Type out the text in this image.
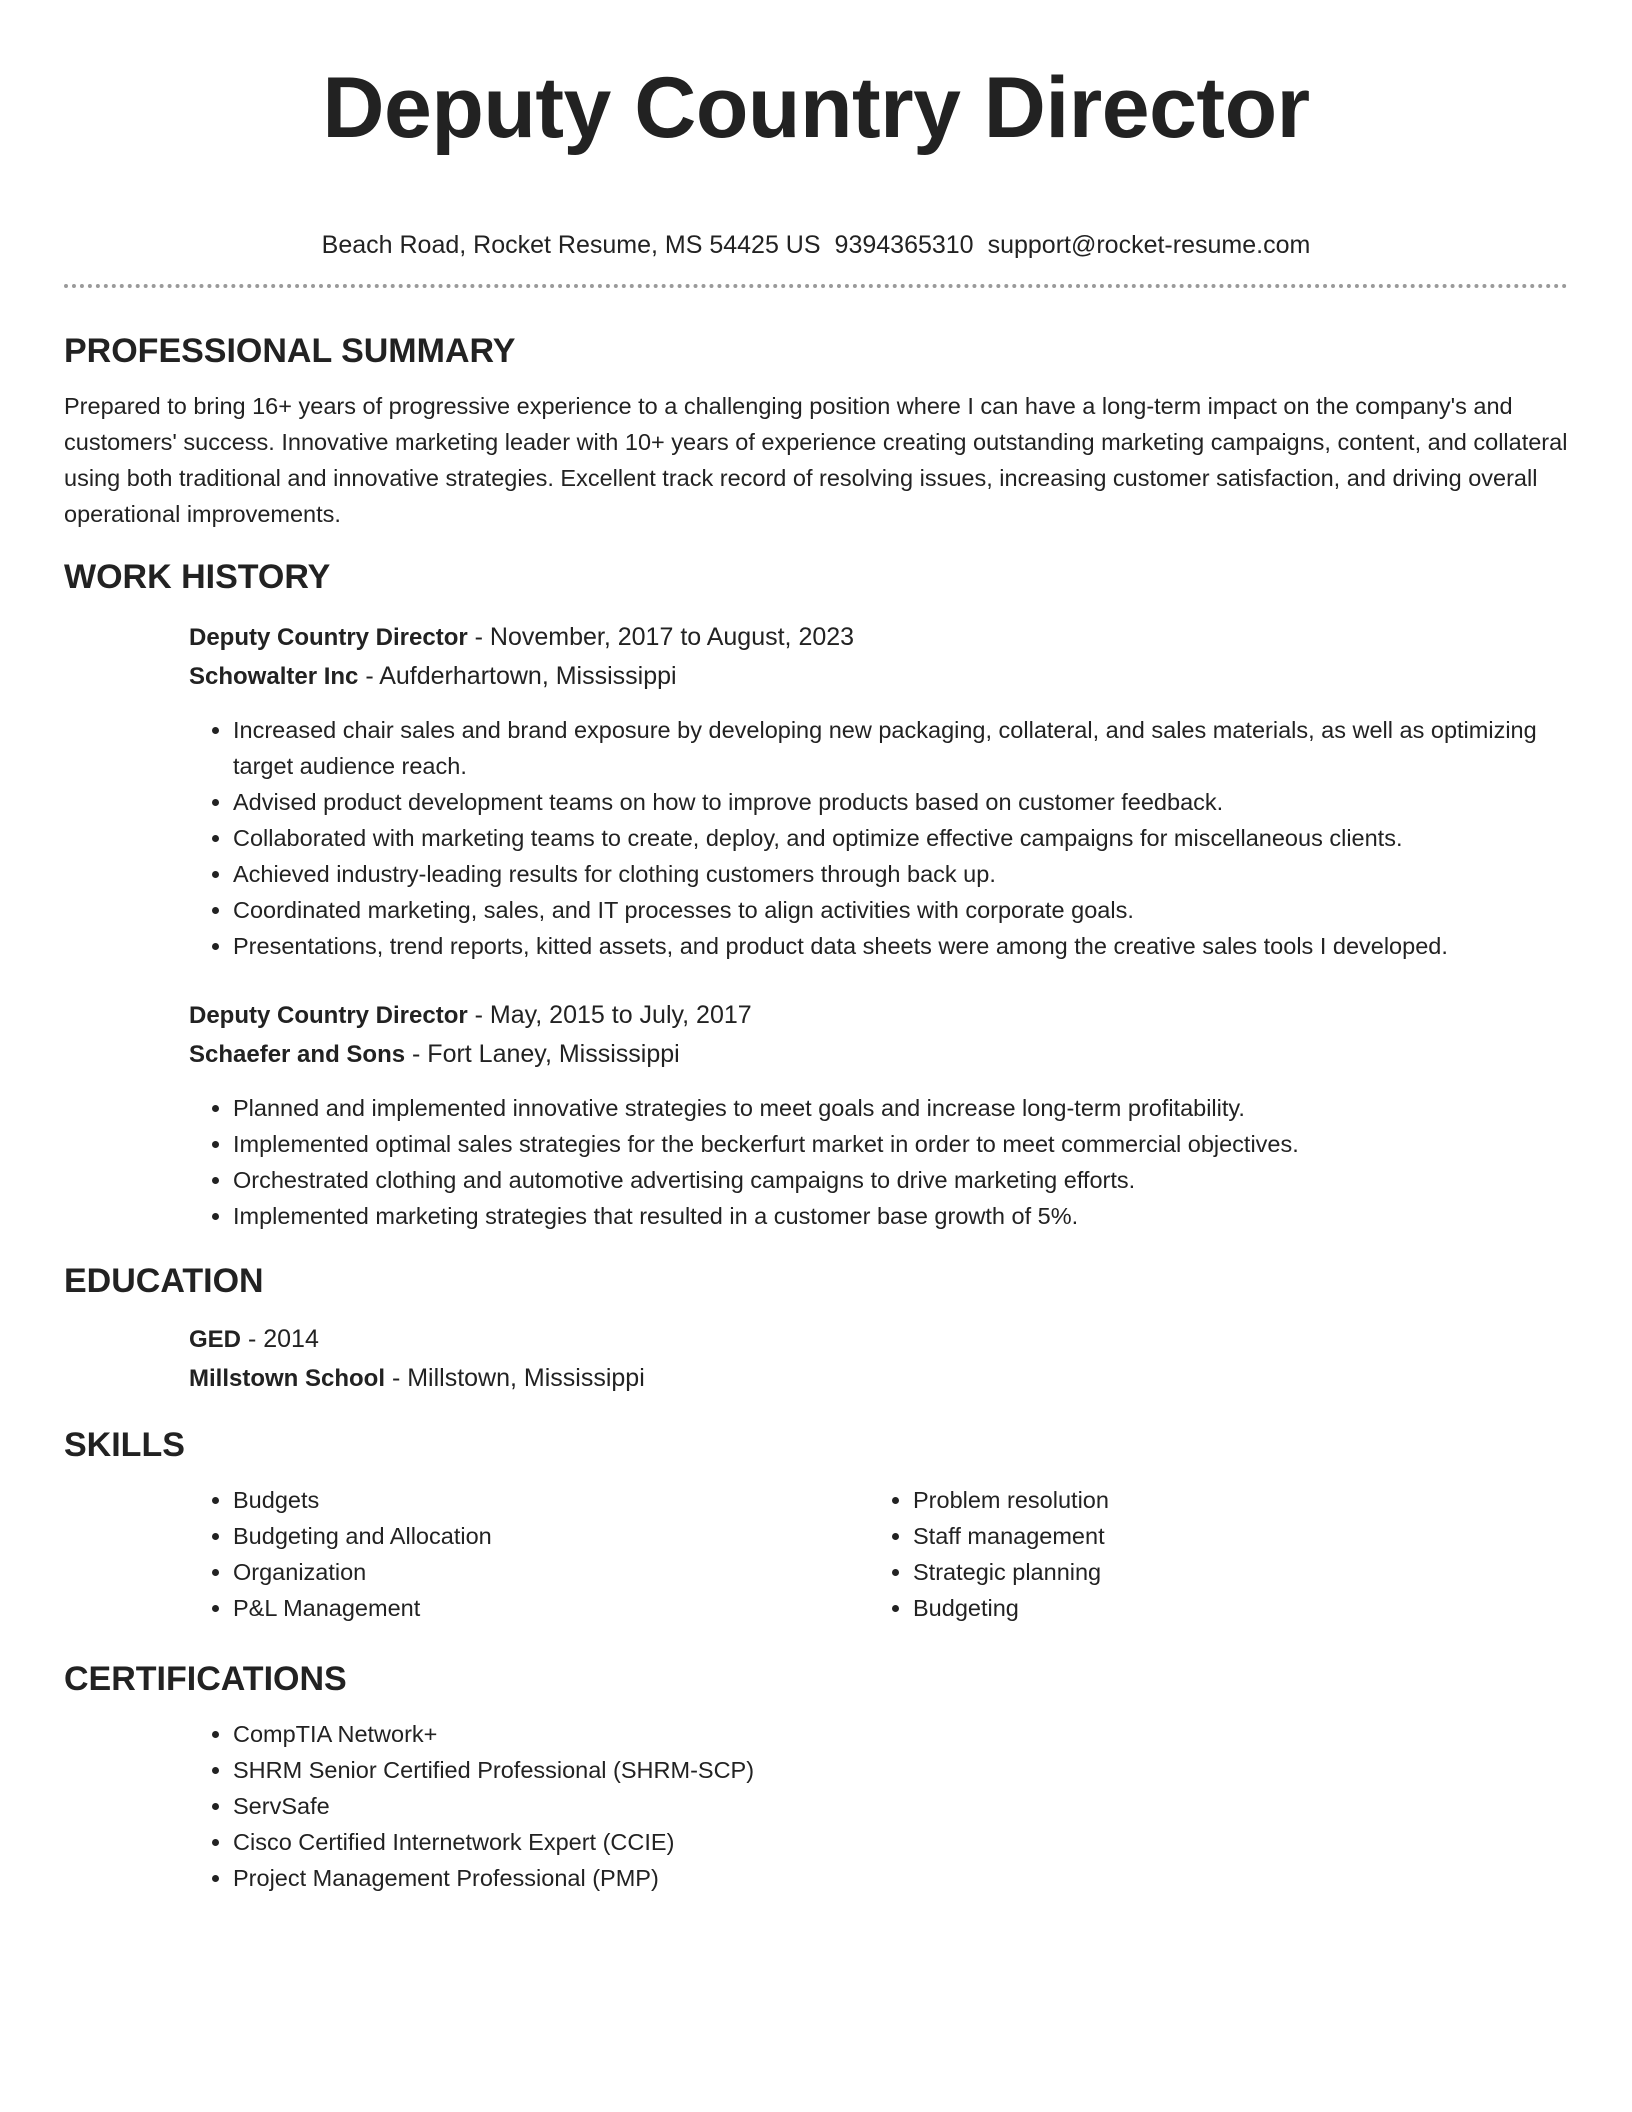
Deputy Country Director
Beach Road, Rocket Resume, MS 54425 US 9394365310 support@rocket-resume.com
PROFESSIONAL SUMMARY

Prepared to bring 16+ years of progressive experience to a challenging position where I can have a long-term impact on the company's and customers' success. Innovative marketing leader with 10+ years of experience creating outstanding marketing campaigns, content, and collateral using both traditional and innovative strategies. Excellent track record of resolving issues, increasing customer satisfaction, and driving overall operational improvements.

WORK HISTORY
Deputy Country Director - November, 2017 to August, 2023
Schowalter Inc - Aufderhartown, Mississippi
• Increased chair sales and brand exposure by developing new packaging, collateral, and sales materials, as well as optimizing target audience reach.
• Advised product development teams on how to improve products based on customer feedback.
• Collaborated with marketing teams to create, deploy, and optimize effective campaigns for miscellaneous clients.
• Achieved industry-leading results for clothing customers through back up.
• Coordinated marketing, sales, and IT processes to align activities with corporate goals.
• Presentations, trend reports, kitted assets, and product data sheets were among the creative sales tools I developed.
Deputy Country Director - May, 2015 to July, 2017
Schaefer and Sons - Fort Laney, Mississippi
• Planned and implemented innovative strategies to meet goals and increase long-term profitability.
• Implemented optimal sales strategies for the beckerfurt market in order to meet commercial objectives.
• Orchestrated clothing and automotive advertising campaigns to drive marketing efforts.
• Implemented marketing strategies that resulted in a customer base growth of 5%.
EDUCATION
GED - 2014
Millstown School - Millstown, Mississippi
SKILLS
• Budgets
• Budgeting and Allocation
• Organization
• P&L Management
• Problem resolution
• Staff management
• Strategic planning
• Budgeting
CERTIFICATIONS
• CompTIA Network+
• SHRM Senior Certified Professional (SHRM-SCP)
• ServSafe
• Cisco Certified Internetwork Expert (CCIE)
• Project Management Professional (PMP)
